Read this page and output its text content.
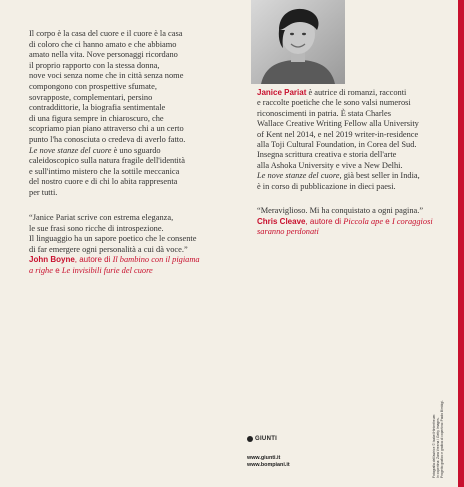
Il corpo è la casa del cuore e il cuore è la casa

di coloro che ci hanno amato e che abbiamo

amato nella vita. Nove personaggi ricordano

il proprio rapporto con la stessa donna,

nove voci senza nome che in città senza nome

compongono con prospettive sfumate,

sovrapposte, complementari, persino

contraddittorie, la biografia sentimentale

di una figura sempre in chiaroscuro, che

scopriamo pian piano attraverso chi a un certo

punto l'ha conosciuta o credeva di averlo fatto.

Le nove stanze del cuore è uno sguardo

caleidoscopico sulla natura fragile dell'identità

e sull'intimo mistero che la sottile meccanica

del nostro cuore e di chi lo abita rappresenta

per tutti.

“Janice Pariat scrive con estrema eleganza,

le sue frasi sono ricche di introspezione.

Il linguaggio ha un sapore poetico che le consente

di far emergere ogni personalità a cui dà voce.”

John Boyne, autore di Il bambino con il pigiama
a righe e Le invisibili furie del cuore

Janice Pariat è autrice di romanzi, racconti

e raccolte poetiche che le sono valsi numerosi

riconoscimenti in patria. È stata Charles

Wallace Creative Writing Fellow alla University

of Kent nel 2014, e nel 2019 writer-in-residence

alla Toji Cultural Foundation, in Corea del Sud.

Insegna scrittura creativa e storia dell'arte

alla Ashoka University e vive a New Delhi.

Le nove stanze del cuore, già best seller in India,

è in corso di pubblicazione in dieci paesi.

“Meraviglioso. Mi ha conquistato a ogni pagina.”

Chris Cleave, autore di Piccola ape e I coraggiosi
saranno perdonati
GIUNTI
www.giunti.it
www.bompiani.it	Fotografia dell'autrice © Isabel Hintertheuer. In copertina: Zara Vreena / Getty Images. Progetto grafico e grafica di copertina: Paolo Bimbigi.
